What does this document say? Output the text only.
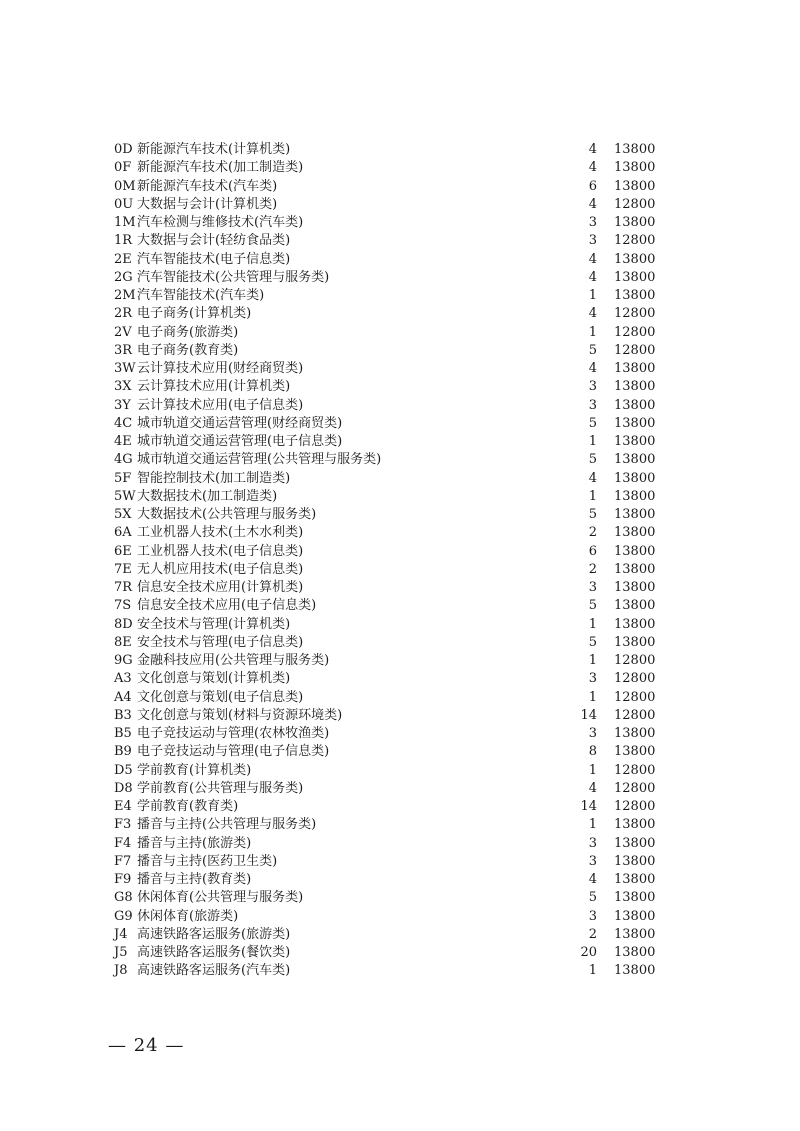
0D 新能源汽车技术(计算机类)	4 13800
0F 新能源汽车技术(加工制造类)	4 13800
0M 新能源汽车技术(汽车类)	6 13800
0U 大数据与会计(计算机类)	4 12800
1M 汽车检测与维修技术(汽车类)	3 13800
1R 大数据与会计(轻纺食品类)	3 12800
2E 汽车智能技术(电子信息类)	4 13800
2G 汽车智能技术(公共管理与服务类)	4 13800
2M 汽车智能技术(汽车类)	1 13800
2R 电子商务(计算机类)	4 12800
2V 电子商务(旅游类)	1 12800
3R 电子商务(教育类)	5 12800
3W 云计算技术应用(财经商贸类)	4 13800
3X 云计算技术应用(计算机类)	3 13800
3Y 云计算技术应用(电子信息类)	3 13800
4C 城市轨道交通运营管理(财经商贸类)	5 13800
4E 城市轨道交通运营管理(电子信息类)	1 13800
4G 城市轨道交通运营管理(公共管理与服务类)	5 13800
5F 智能控制技术(加工制造类)	4 13800
5W 大数据技术(加工制造类)	1 13800
5X 大数据技术(公共管理与服务类)	5 13800
6A 工业机器人技术(土木水利类)	2 13800
6E 工业机器人技术(电子信息类)	6 13800
7E 无人机应用技术(电子信息类)	2 13800
7R 信息安全技术应用(计算机类)	3 13800
7S 信息安全技术应用(电子信息类)	5 13800
8D 安全技术与管理(计算机类)	1 13800
8E 安全技术与管理(电子信息类)	5 13800
9G 金融科技应用(公共管理与服务类)	1 12800
A3 文化创意与策划(计算机类)	3 12800
A4 文化创意与策划(电子信息类)	1 12800
B3 文化创意与策划(材料与资源环境类)	14 12800
B5 电子竞技运动与管理(农林牧渔类)	3 13800
B9 电子竞技运动与管理(电子信息类)	8 13800
D5 学前教育(计算机类)	1 12800
D8 学前教育(公共管理与服务类)	4 12800
E4 学前教育(教育类)	14 12800
F3 播音与主持(公共管理与服务类)	1 13800
F4 播音与主持(旅游类)	3 13800
F7 播音与主持(医药卫生类)	3 13800
F9 播音与主持(教育类)	4 13800
G8 休闲体育(公共管理与服务类)	5 13800
G9 休闲体育(旅游类)	3 13800
J4 高速铁路客运服务(旅游类)	2 13800
J5 高速铁路客运服务(餐饮类)	20 13800
J8 高速铁路客运服务(汽车类)	1 13800
— 24 —
